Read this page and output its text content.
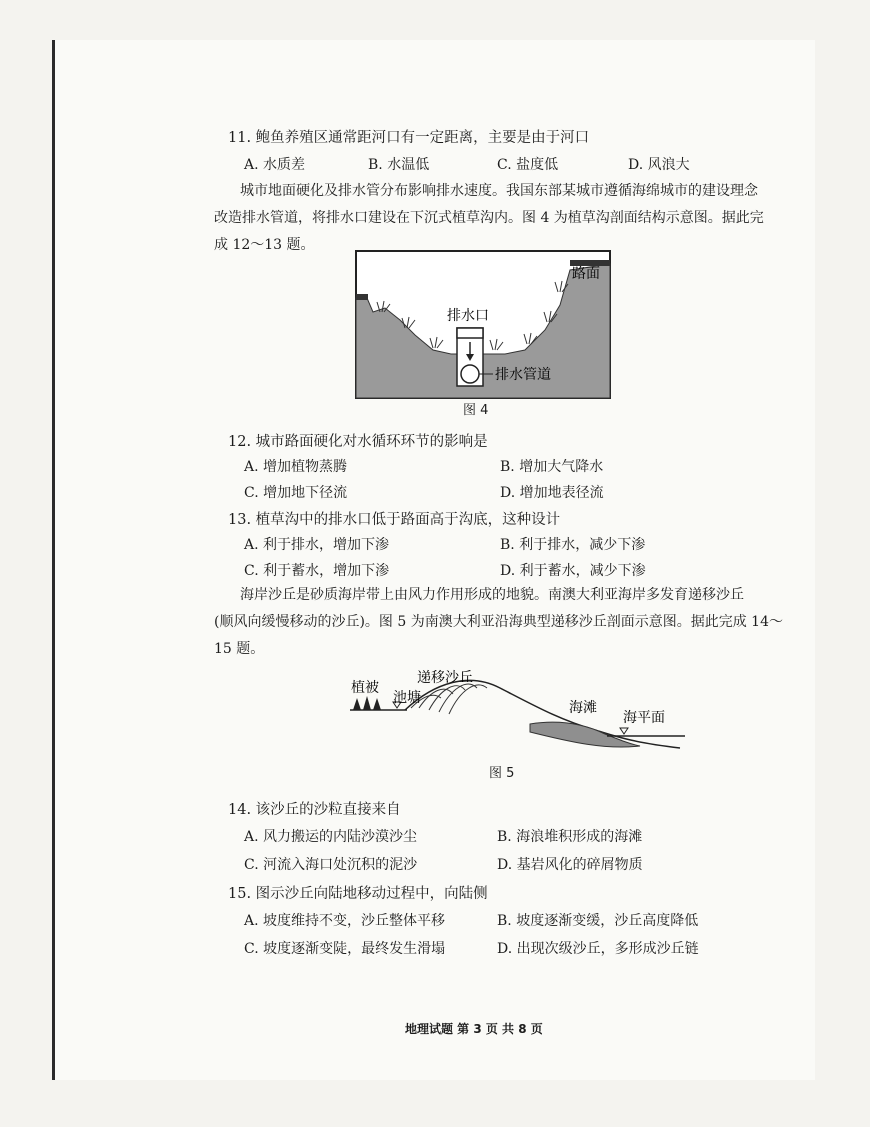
11. 鲍鱼养殖区通常距河口有一定距离，主要是由于河口
A. 水质差	B. 水温低	C. 盐度低	D. 风浪大
城市地面硬化及排水管分布影响排水速度。我国东部某城市遵循海绵城市的建设理念
改造排水管道，将排水口建设在下沉式植草沟内。图 4 为植草沟剖面结构示意图。据此完
成 12～13 题。
路面
排水口
排水管道
图 4
12. 城市路面硬化对水循环环节的影响是
A. 增加植物蒸腾	B. 增加大气降水
C. 增加地下径流	D. 增加地表径流
13. 植草沟中的排水口低于路面高于沟底，这种设计
A. 利于排水，增加下渗	B. 利于排水，减少下渗
C. 利于蓄水，增加下渗	D. 利于蓄水，减少下渗
海岸沙丘是砂质海岸带上由风力作用形成的地貌。南澳大利亚海岸多发育递移沙丘
(顺风向缓慢移动的沙丘)。图 5 为南澳大利亚沿海典型递移沙丘剖面示意图。据此完成 14～
15 题。
递移沙丘
植被
池塘
海滩
海平面
图 5
14. 该沙丘的沙粒直接来自
A. 风力搬运的内陆沙漠沙尘	B. 海浪堆积形成的海滩
C. 河流入海口处沉积的泥沙	D. 基岩风化的碎屑物质
15. 图示沙丘向陆地移动过程中，向陆侧
A. 坡度维持不变，沙丘整体平移	B. 坡度逐渐变缓，沙丘高度降低
C. 坡度逐渐变陡，最终发生滑塌	D. 出现次级沙丘，多形成沙丘链
地理试题 第 3 页 共 8 页
